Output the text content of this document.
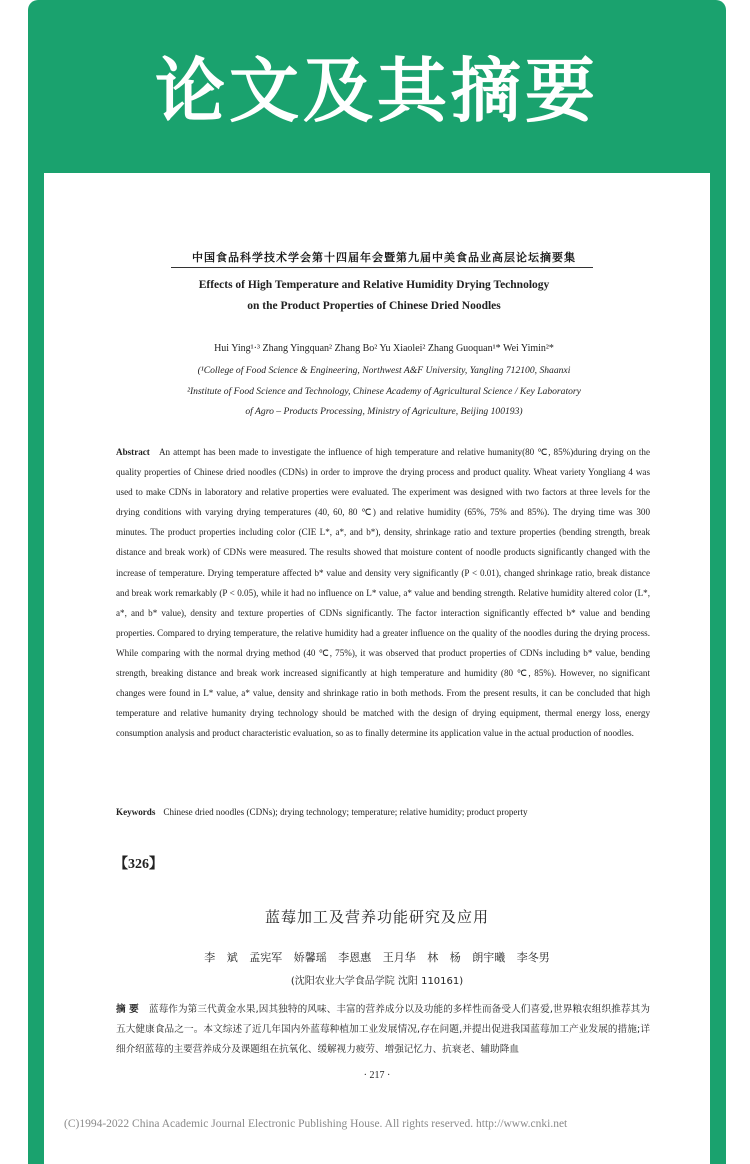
论文及其摘要
中国食品科学技术学会第十四届年会暨第九届中美食品业高层论坛摘要集
Effects of High Temperature and Relative Humidity Drying Technology
on the Product Properties of Chinese Dried Noodles
Hui Ying¹·³ Zhang Yingquan² Zhang Bo² Yu Xiaolei² Zhang Guoquan¹* Wei Yimin²*
(¹College of Food Science & Engineering, Northwest A&F University, Yangling 712100, Shaanxi
²Institute of Food Science and Technology, Chinese Academy of Agricultural Science / Key Laboratory
of Agro – Products Processing, Ministry of Agriculture, Beijing 100193)
Abstract An attempt has been made to investigate the influence of high temperature and relative humanity(80 ℃, 85%)during drying on the quality properties of Chinese dried noodles (CDNs) in order to improve the drying process and product quality. Wheat variety Yongliang 4 was used to make CDNs in laboratory and relative properties were evaluated. The experiment was designed with two factors at three levels for the drying conditions with varying drying temperatures (40, 60, 80 ℃) and relative humidity (65%, 75% and 85%). The drying time was 300 minutes. The product properties including color (CIE L*, a*, and b*), density, shrinkage ratio and texture properties (bending strength, break distance and break work) of CDNs were measured. The results showed that moisture content of noodle products significantly changed with the increase of temperature. Drying temperature affected b* value and density very significantly (P < 0.01), changed shrinkage ratio, break distance and break work remarkably (P < 0.05), while it had no influence on L* value, a* value and bending strength. Relative humidity altered color (L*, a*, and b* value), density and texture properties of CDNs significantly. The factor interaction significantly effected b* value and bending properties. Compared to drying temperature, the relative humidity had a greater influence on the quality of the noodles during the drying process. While comparing with the normal drying method (40 ℃, 75%), it was observed that product properties of CDNs including b* value, bending strength, breaking distance and break work increased significantly at high temperature and humidity (80 ℃, 85%). However, no significant changes were found in L* value, a* value, density and shrinkage ratio in both methods. From the present results, it can be concluded that high temperature and relative humanity drying technology should be matched with the design of drying equipment, thermal energy loss, energy consumption analysis and product characteristic evaluation, so as to finally determine its application value in the actual production of noodles.
Keywords Chinese dried noodles (CDNs); drying technology; temperature; relative humidity; product property
【326】
蓝莓加工及营养功能研究及应用
李 斌 孟宪军 娇馨瑶 李恩惠 王月华 林 杨 朗宇曦 李冬男
(沈阳农业大学食品学院 沈阳 110161)
摘 要 蓝莓作为第三代黄金水果,因其独特的风味、丰富的营养成分以及功能的多样性而备受人们喜爱,世界粮农组织推荐其为五大健康食品之一。本文综述了近几年国内外蓝莓种植加工业发展情况,存在问题,并提出促进我国蓝莓加工产业发展的措施;详细介绍蓝莓的主要营养成分及课题组在抗氧化、缓解视力疲劳、增强记忆力、抗衰老、辅助降血
· 217 ·
(C)1994-2022 China Academic Journal Electronic Publishing House. All rights reserved. http://www.cnki.net
